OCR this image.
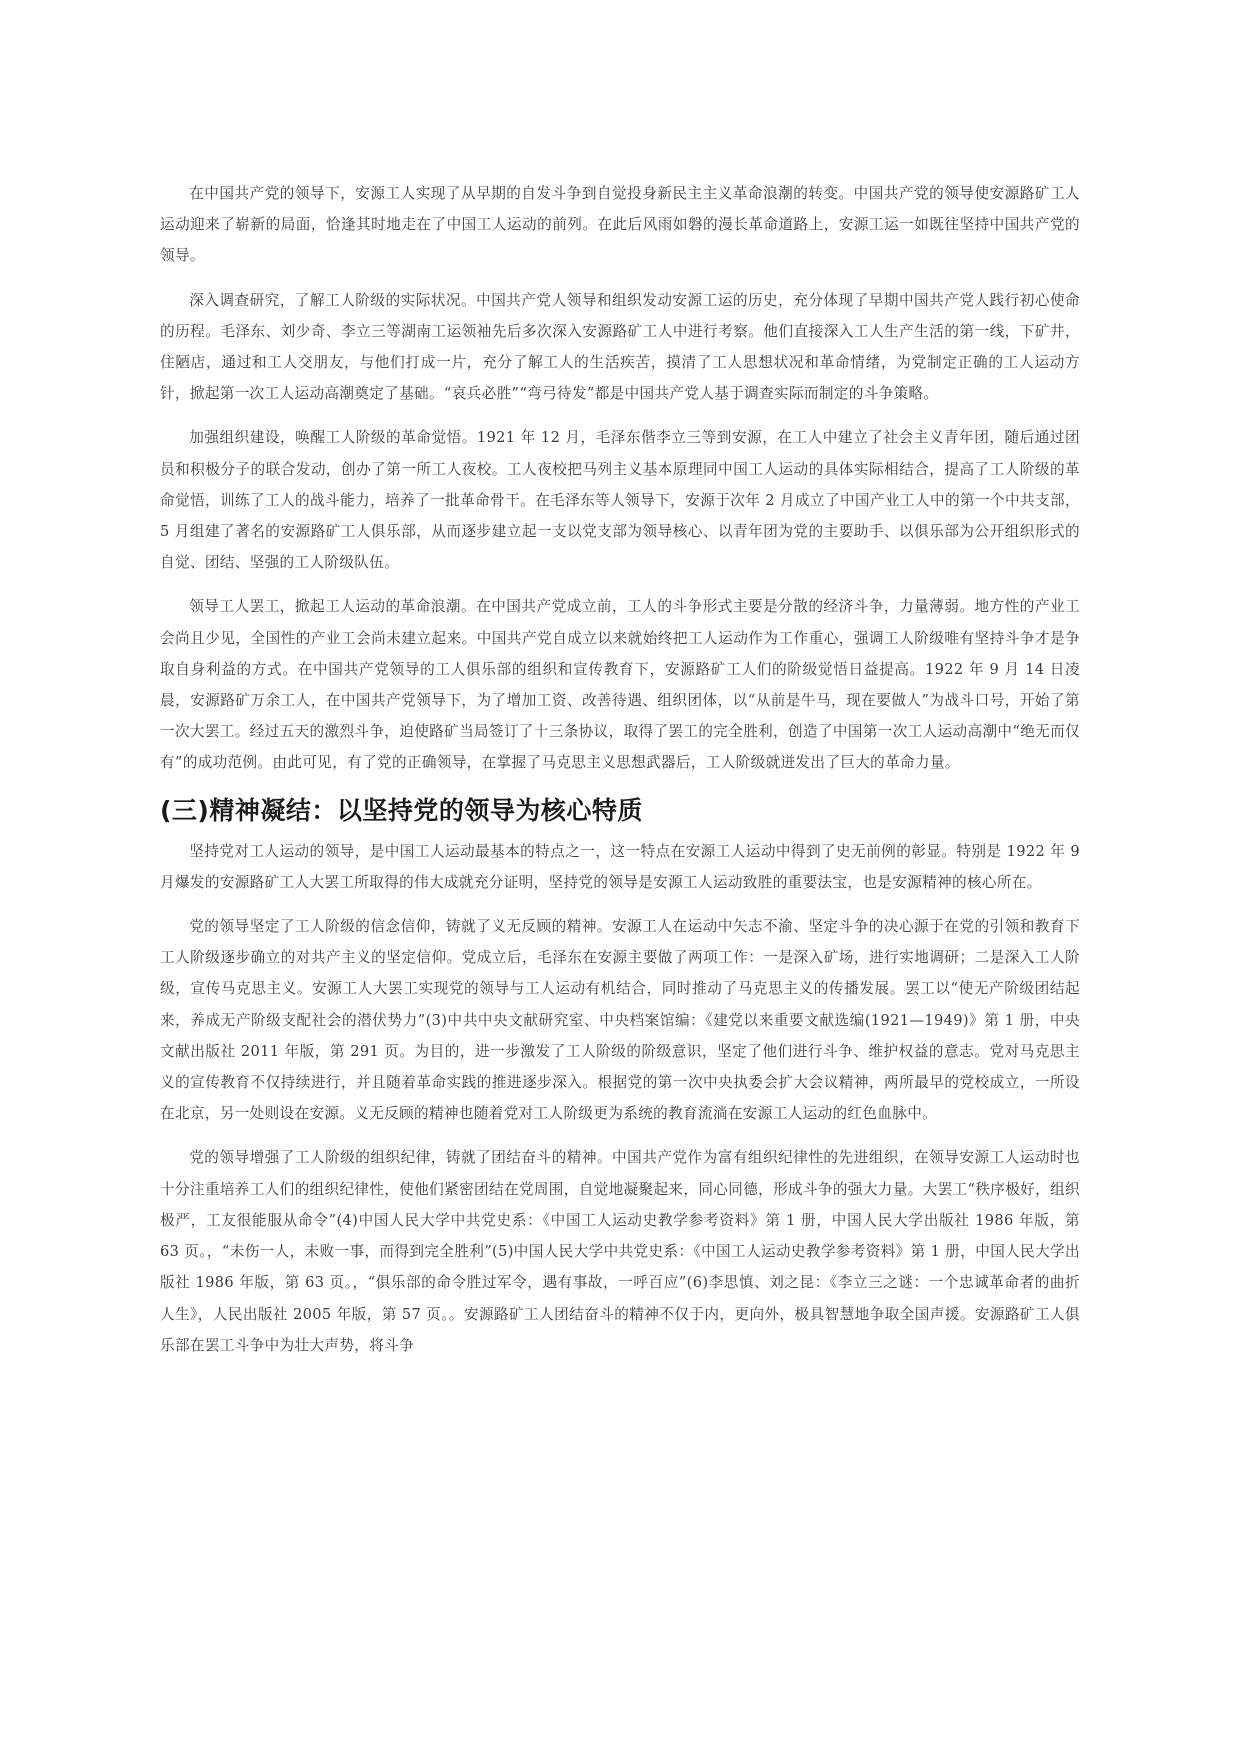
在中国共产党的领导下，安源工人实现了从早期的自发斗争到自觉投身新民主主义革命浪潮的转变。中国共产党的领导使安源路矿工人运动迎来了崭新的局面，恰逢其时地走在了中国工人运动的前列。在此后风雨如磐的漫长革命道路上，安源工运一如既往坚持中国共产党的领导。

深入调查研究，了解工人阶级的实际状况。中国共产党人领导和组织发动安源工运的历史，充分体现了早期中国共产党人践行初心使命的历程。毛泽东、刘少奇、李立三等湖南工运领袖先后多次深入安源路矿工人中进行考察。他们直接深入工人生产生活的第一线，下矿井，住陋店，通过和工人交朋友，与他们打成一片，充分了解工人的生活疾苦，摸清了工人思想状况和革命情绪，为党制定正确的工人运动方针，掀起第一次工人运动高潮奠定了基础。“哀兵必胜”“弯弓待发”都是中国共产党人基于调查实际而制定的斗争策略。

加强组织建设，唤醒工人阶级的革命觉悟。1921 年 12 月，毛泽东偕李立三等到安源，在工人中建立了社会主义青年团，随后通过团员和积极分子的联合发动，创办了第一所工人夜校。工人夜校把马列主义基本原理同中国工人运动的具体实际相结合，提高了工人阶级的革命觉悟，训练了工人的战斗能力，培养了一批革命骨干。在毛泽东等人领导下，安源于次年 2 月成立了中国产业工人中的第一个中共支部，5 月组建了著名的安源路矿工人俱乐部，从而逐步建立起一支以党支部为领导核心、以青年团为党的主要助手、以俱乐部为公开组织形式的自觉、团结、坚强的工人阶级队伍。

领导工人罢工，掀起工人运动的革命浪潮。在中国共产党成立前，工人的斗争形式主要是分散的经济斗争，力量薄弱。地方性的产业工会尚且少见，全国性的产业工会尚未建立起来。中国共产党自成立以来就始终把工人运动作为工作重心，强调工人阶级唯有坚持斗争才是争取自身利益的方式。在中国共产党领导的工人俱乐部的组织和宣传教育下，安源路矿工人们的阶级觉悟日益提高。1922 年 9 月 14 日凌晨，安源路矿万余工人，在中国共产党领导下，为了增加工资、改善待遇、组织团体，以“从前是牛马，现在要做人”为战斗口号，开始了第一次大罢工。经过五天的激烈斗争，迫使路矿当局签订了十三条协议，取得了罢工的完全胜利，创造了中国第一次工人运动高潮中“绝无而仅有”的成功范例。由此可见，有了党的正确领导，在掌握了马克思主义思想武器后，工人阶级就迸发出了巨大的革命力量。

(三)精神凝结：以坚持党的领导为核心特质

坚持党对工人运动的领导，是中国工人运动最基本的特点之一，这一特点在安源工人运动中得到了史无前例的彰显。特别是 1922 年 9 月爆发的安源路矿工人大罢工所取得的伟大成就充分证明，坚持党的领导是安源工人运动致胜的重要法宝，也是安源精神的核心所在。

党的领导坚定了工人阶级的信念信仰，铸就了义无反顾的精神。安源工人在运动中矢志不渝、坚定斗争的决心源于在党的引领和教育下工人阶级逐步确立的对共产主义的坚定信仰。党成立后，毛泽东在安源主要做了两项工作：一是深入矿场，进行实地调研；二是深入工人阶级，宣传马克思主义。安源工人大罢工实现党的领导与工人运动有机结合，同时推动了马克思主义的传播发展。罢工以“使无产阶级团结起来，养成无产阶级支配社会的潜伏势力”(3)中共中央文献研究室、中央档案馆编：《建党以来重要文献选编(1921—1949)》第 1 册，中央文献出版社 2011 年版，第 291 页。为目的，进一步激发了工人阶级的阶级意识，坚定了他们进行斗争、维护权益的意志。党对马克思主义的宣传教育不仅持续进行，并且随着革命实践的推进逐步深入。根据党的第一次中央执委会扩大会议精神，两所最早的党校成立，一所设在北京，另一处则设在安源。义无反顾的精神也随着党对工人阶级更为系统的教育流淌在安源工人运动的红色血脉中。

党的领导增强了工人阶级的组织纪律，铸就了团结奋斗的精神。中国共产党作为富有组织纪律性的先进组织，在领导安源工人运动时也十分注重培养工人们的组织纪律性，使他们紧密团结在党周围，自觉地凝聚起来，同心同德，形成斗争的强大力量。大罢工“秩序极好，组织极严，工友很能服从命令”(4)中国人民大学中共党史系：《中国工人运动史教学参考资料》第 1 册，中国人民大学出版社 1986 年版，第 63 页。，“未伤一人，未败一事，而得到完全胜利”(5)中国人民大学中共党史系：《中国工人运动史教学参考资料》第 1 册，中国人民大学出版社 1986 年版，第 63 页。，“俱乐部的命令胜过军令，遇有事故，一呼百应”(6)李思慎、刘之昆：《李立三之谜：一个忠诚革命者的曲折人生》，人民出版社 2005 年版，第 57 页。。安源路矿工人团结奋斗的精神不仅于内，更向外，极具智慧地争取全国声援。安源路矿工人俱乐部在罢工斗争中为壮大声势，将斗争
